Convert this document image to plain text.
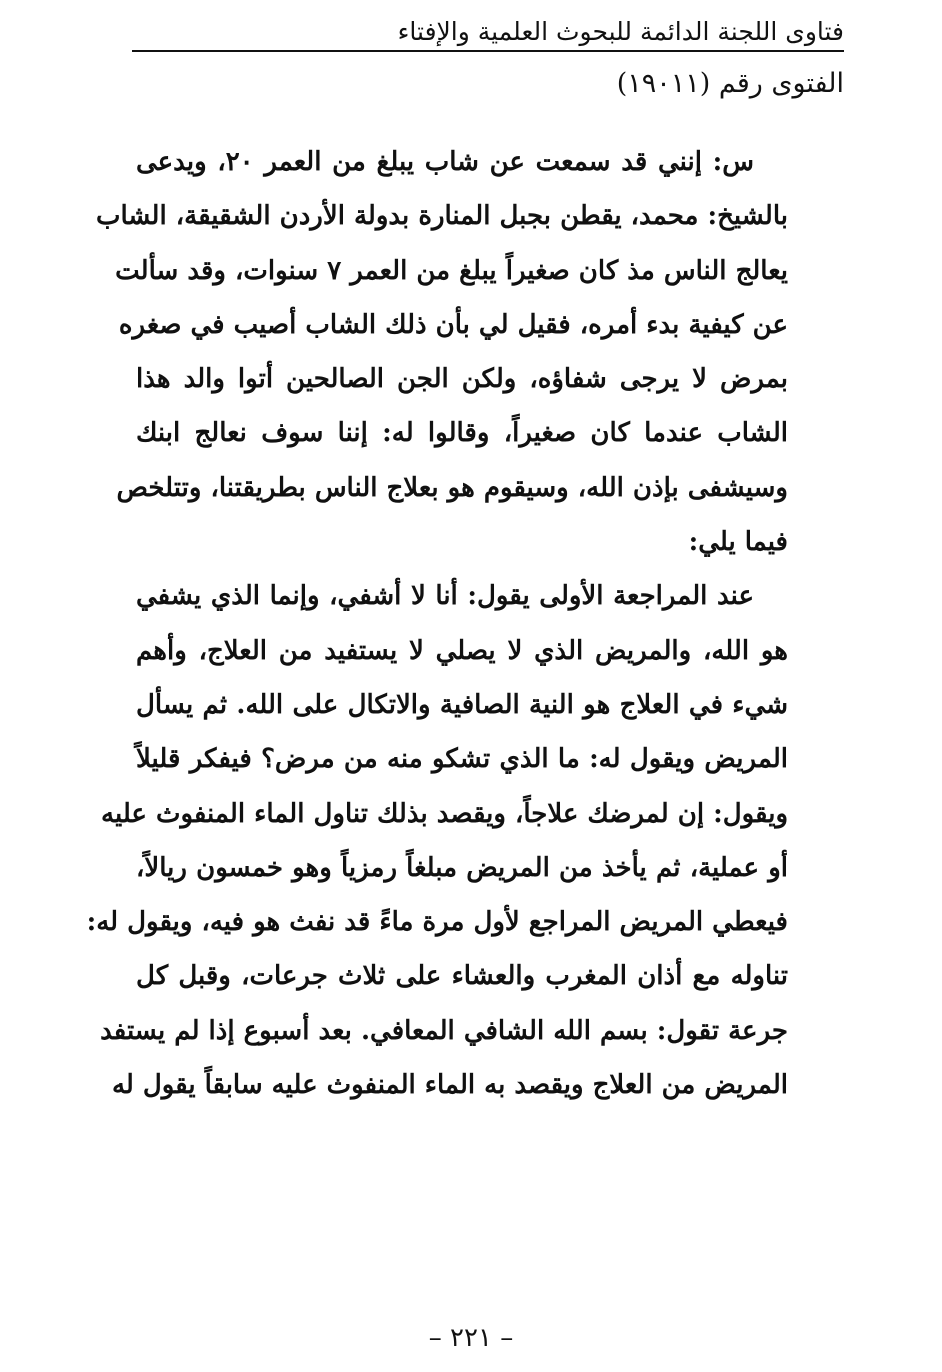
فتاوى اللجنة الدائمة للبحوث العلمية والإفتاء
الفتوى رقم (١٩٠١١)
س: إنني قد سمعت عن شاب يبلغ من العمر ٢٠، ويدعى
بالشيخ: محمد، يقطن بجبل المنارة بدولة الأردن الشقيقة، الشاب
يعالج الناس مذ كان صغيراً يبلغ من العمر ٧ سنوات، وقد سألت
عن كيفية بدء أمره، فقيل لي بأن ذلك الشاب أصيب في صغره
بمرض لا يرجى شفاؤه، ولكن الجن الصالحين أتوا والد هذا
الشاب عندما كان صغيراً، وقالوا له: إننا سوف نعالج ابنك
وسيشفى بإذن الله، وسيقوم هو بعلاج الناس بطريقتنا، وتتلخص
فيما يلي:
عند المراجعة الأولى يقول: أنا لا أشفي، وإنما الذي يشفي
هو الله، والمريض الذي لا يصلي لا يستفيد من العلاج، وأهم
شيء في العلاج هو النية الصافية والاتكال على الله. ثم يسأل
المريض ويقول له: ما الذي تشكو منه من مرض؟ فيفكر قليلاً
ويقول: إن لمرضك علاجاً، ويقصد بذلك تناول الماء المنفوث عليه
أو عملية، ثم يأخذ من المريض مبلغاً رمزياً وهو خمسون ريالاً،
فيعطي المريض المراجع لأول مرة ماءً قد نفث هو فيه، ويقول له:
تناوله مع أذان المغرب والعشاء على ثلاث جرعات، وقبل كل
جرعة تقول: بسم الله الشافي المعافي. بعد أسبوع إذا لم يستفد
المريض من العلاج ويقصد به الماء المنفوث عليه سابقاً يقول له
– ٢٢١ –
